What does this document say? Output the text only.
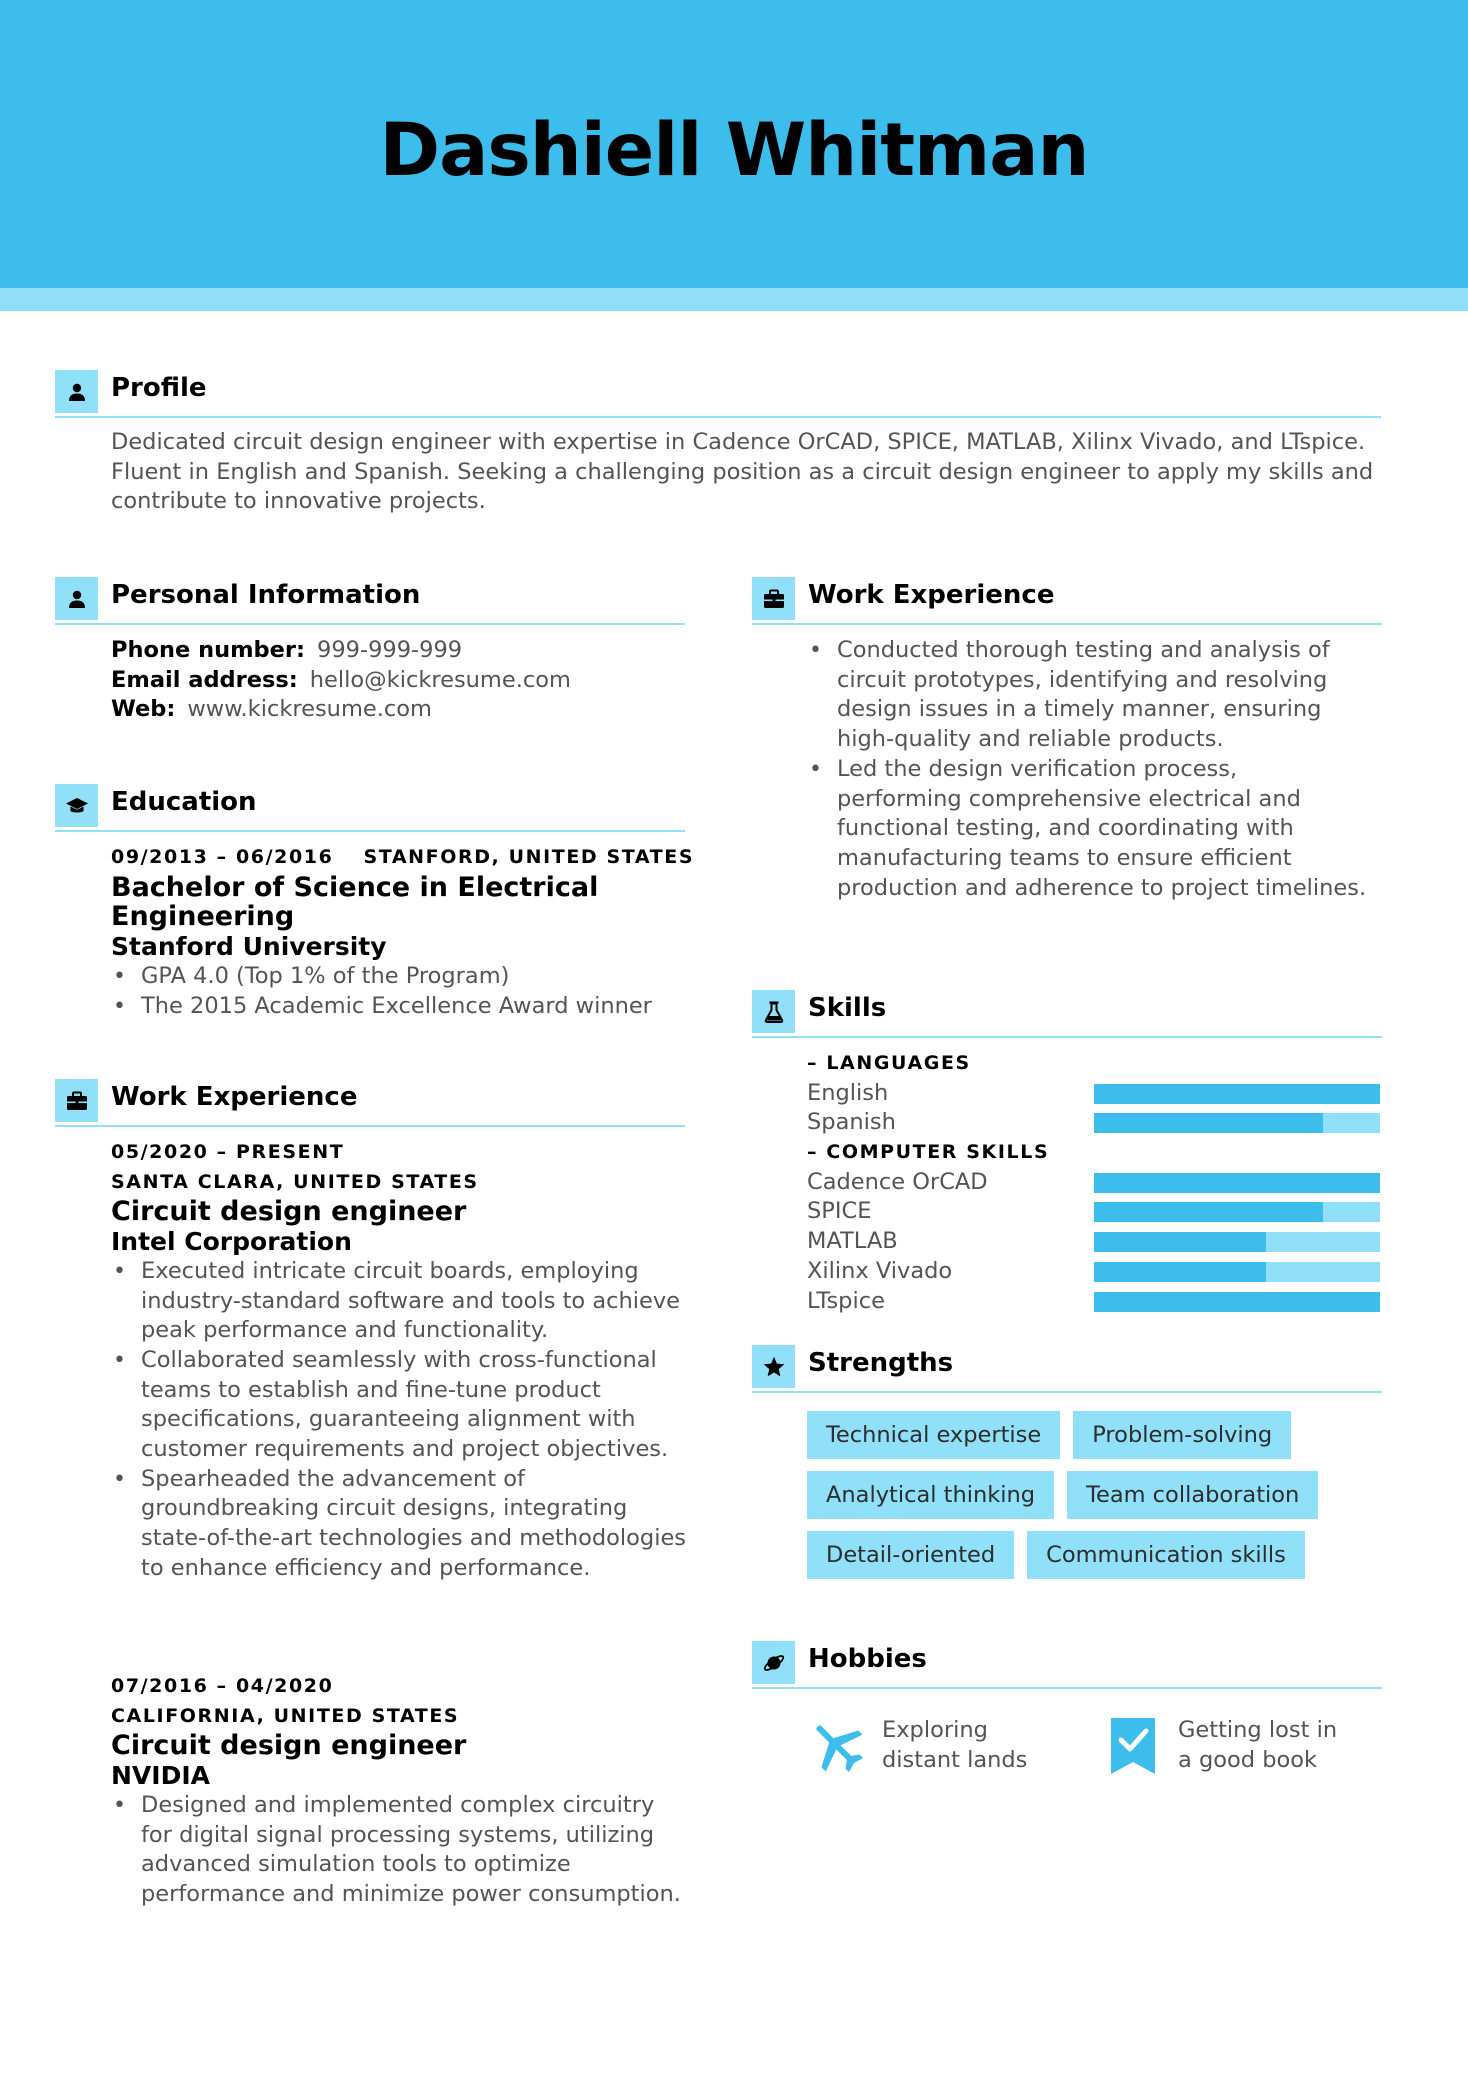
Dashiell Whitman
Profile
Dedicated circuit design engineer with expertise in Cadence OrCAD, SPICE, MATLAB, Xilinx Vivado, and LTspice. Fluent in English and Spanish. Seeking a challenging position as a circuit design engineer to apply my skills and contribute to innovative projects.
Personal Information
Phone number: 999-999-999
Email address: hello@kickresume.com
Web: www.kickresume.com
Education
09/2013 – 06/2016 STANFORD, UNITED STATES
Bachelor of Science in Electrical Engineering
Stanford University
• GPA 4.0 (Top 1% of the Program)
• The 2015 Academic Excellence Award winner
Work Experience
05/2020 – PRESENT
SANTA CLARA, UNITED STATES
Circuit design engineer
Intel Corporation
• Executed intricate circuit boards, employing industry-standard software and tools to achieve peak performance and functionality.
• Collaborated seamlessly with cross-functional teams to establish and fine-tune product specifications, guaranteeing alignment with customer requirements and project objectives.
• Spearheaded the advancement of groundbreaking circuit designs, integrating state-of-the-art technologies and methodologies to enhance efficiency and performance.
07/2016 – 04/2020
CALIFORNIA, UNITED STATES
Circuit design engineer
NVIDIA
• Designed and implemented complex circuitry for digital signal processing systems, utilizing advanced simulation tools to optimize performance and minimize power consumption.
Work Experience
• Conducted thorough testing and analysis of circuit prototypes, identifying and resolving design issues in a timely manner, ensuring high-quality and reliable products.
• Led the design verification process, performing comprehensive electrical and functional testing, and coordinating with manufacturing teams to ensure efficient production and adherence to project timelines.
Skills
– LANGUAGES
English
Spanish
– COMPUTER SKILLS
Cadence OrCAD
SPICE
MATLAB
Xilinx Vivado
LTspice
Strengths
Technical expertise	Problem-solving
Analytical thinking	Team collaboration
Detail-oriented	Communication skills
Hobbies
Exploring distant lands
Getting lost in a good book
